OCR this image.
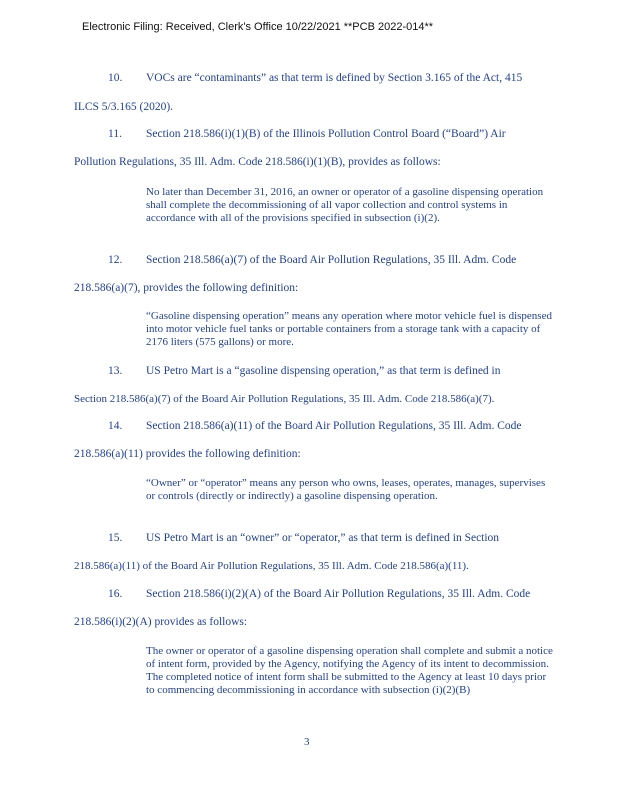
Electronic Filing: Received, Clerk's Office 10/22/2021 **PCB 2022-014**
10. VOCs are “contaminants” as that term is defined by Section 3.165 of the Act, 415
ILCS 5/3.165 (2020).
11. Section 218.586(i)(1)(B) of the Illinois Pollution Control Board (“Board”) Air
Pollution Regulations, 35 Ill. Adm. Code 218.586(i)(1)(B), provides as follows:
No later than December 31, 2016, an owner or operator of a gasoline dispensing operation shall complete the decommissioning of all vapor collection and control systems in accordance with all of the provisions specified in subsection (i)(2).
12. Section 218.586(a)(7) of the Board Air Pollution Regulations, 35 Ill. Adm. Code
218.586(a)(7), provides the following definition:
“Gasoline dispensing operation” means any operation where motor vehicle fuel is dispensed into motor vehicle fuel tanks or portable containers from a storage tank with a capacity of 2176 liters (575 gallons) or more.
13. US Petro Mart is a “gasoline dispensing operation,” as that term is defined in
Section 218.586(a)(7) of the Board Air Pollution Regulations, 35 Ill. Adm. Code 218.586(a)(7).
14. Section 218.586(a)(11) of the Board Air Pollution Regulations, 35 Ill. Adm. Code
218.586(a)(11) provides the following definition:
“Owner” or “operator” means any person who owns, leases, operates, manages, supervises or controls (directly or indirectly) a gasoline dispensing operation.
15. US Petro Mart is an “owner” or “operator,” as that term is defined in Section
218.586(a)(11) of the Board Air Pollution Regulations, 35 Ill. Adm. Code 218.586(a)(11).
16. Section 218.586(i)(2)(A) of the Board Air Pollution Regulations, 35 Ill. Adm. Code
218.586(i)(2)(A) provides as follows:
The owner or operator of a gasoline dispensing operation shall complete and submit a notice of intent form, provided by the Agency, notifying the Agency of its intent to decommission. The completed notice of intent form shall be submitted to the Agency at least 10 days prior to commencing decommissioning in accordance with subsection (i)(2)(B)
3
